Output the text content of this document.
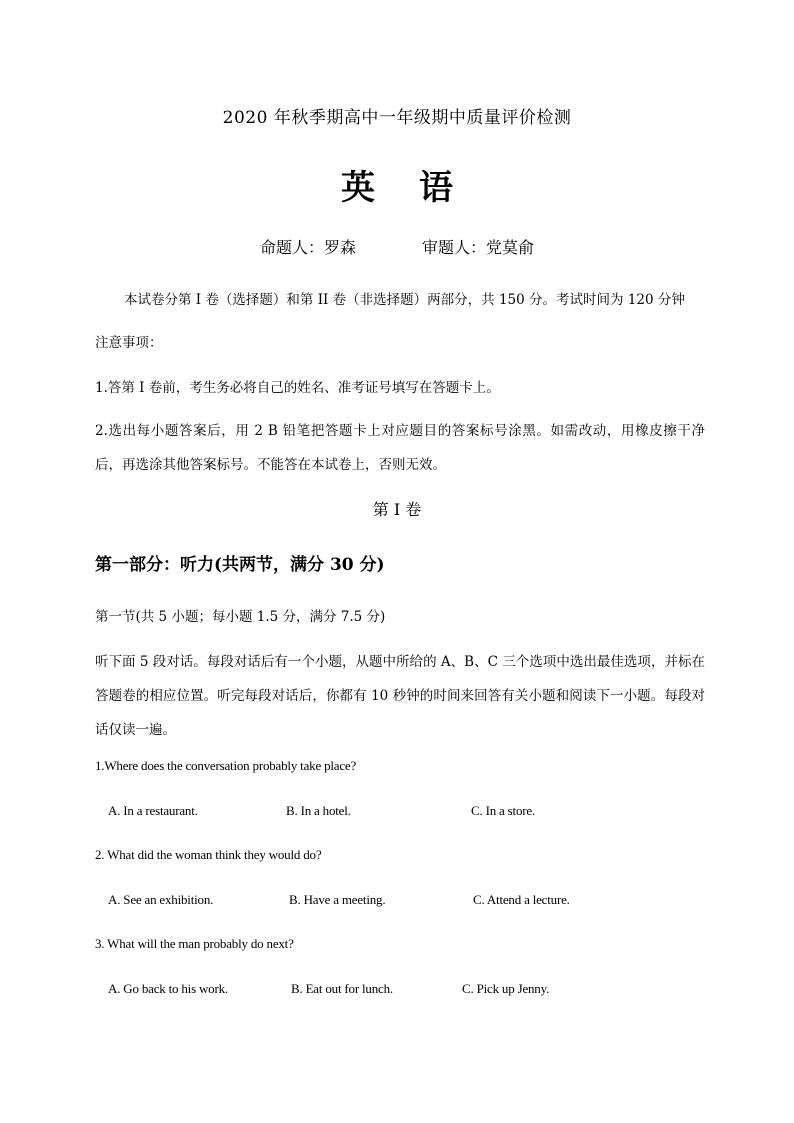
2020 年秋季期高中一年级期中质量评价检测
英 语
命题人：罗森	审题人：党莫俞
本试卷分第 I 卷（选择题）和第 II 卷（非选择题）两部分，共 150 分。考试时间为 120 分钟
注意事项：
1.答第 I 卷前，考生务必将自己的姓名、准考证号填写在答题卡上。
2.选出每小题答案后，用 2 B 铅笔把答题卡上对应题目的答案标号涂黑。如需改动，用橡皮擦干净后，再选涂其他答案标号。不能答在本试卷上，否则无效。
第 I 卷
第一部分：听力(共两节，满分 30 分)
第一节(共 5 小题；每小题 1.5 分，满分 7.5 分)
听下面 5 段对话。每段对话后有一个小题，从题中所给的 A、B、C 三个选项中选出最佳选项，并标在答题卷的相应位置。听完每段对话后，你都有 10 秒钟的时间来回答有关小题和阅读下一小题。每段对话仅读一遍。
1.Where does the conversation probably take place?
A. In a restaurant.	B. In a hotel.	C. In a store.
2. What did the woman think they would do?
A. See an exhibition.	B. Have a meeting.	C. Attend a lecture.
3. What will the man probably do next?
A. Go back to his work.	B. Eat out for lunch.	C. Pick up Jenny.
